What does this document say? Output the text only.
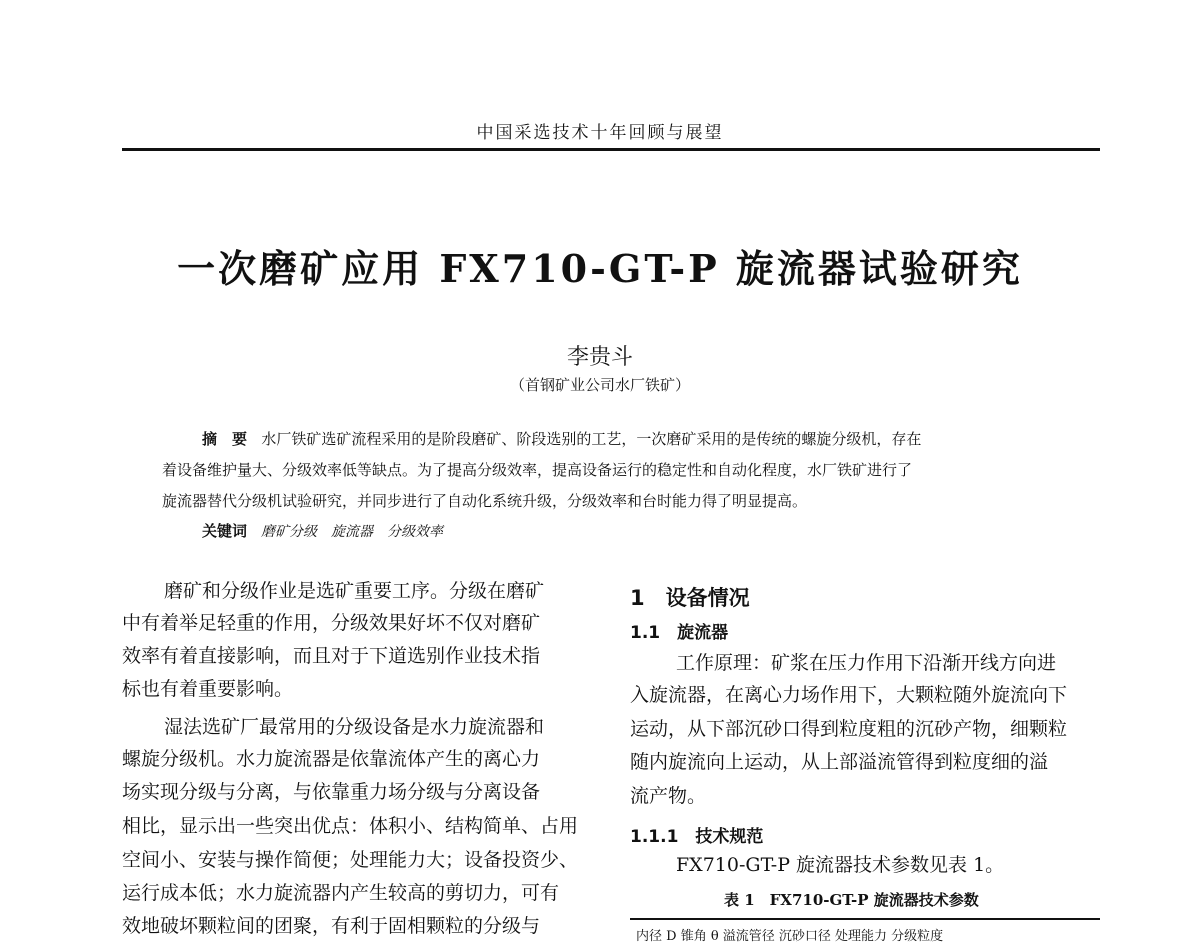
中国采选技术十年回顾与展望
一次磨矿应用 FX710-GT-P 旋流器试验研究
李贵斗
（首钢矿业公司水厂铁矿）
摘　要 水厂铁矿选矿流程采用的是阶段磨矿、阶段选别的工艺，一次磨矿采用的是传统的螺旋分级机，存在
着设备维护量大、分级效率低等缺点。为了提高分级效率，提高设备运行的稳定性和自动化程度，水厂铁矿进行了
旋流器替代分级机试验研究，并同步进行了自动化系统升级，分级效率和台时能力得了明显提高。
关键词 磨矿分级 旋流器 分级效率
磨矿和分级作业是选矿重要工序。分级在磨矿
中有着举足轻重的作用，分级效果好坏不仅对磨矿
效率有着直接影响，而且对于下道选别作业技术指
标也有着重要影响。
湿法选矿厂最常用的分级设备是水力旋流器和
螺旋分级机。水力旋流器是依靠流体产生的离心力
场实现分级与分离，与依靠重力场分级与分离设备
相比，显示出一些突出优点：体积小、结构简单、占用
空间小、安装与操作简便；处理能力大；设备投资少、
运行成本低；水力旋流器内产生较高的剪切力，可有
效地破坏颗粒间的团聚，有利于固相颗粒的分级与
1　设备情况
1.1　旋流器
工作原理：矿浆在压力作用下沿渐开线方向进
入旋流器，在离心力场作用下，大颗粒随外旋流向下
运动，从下部沉砂口得到粒度粗的沉砂产物，细颗粒
随内旋流向上运动，从上部溢流管得到粒度细的溢
流产物。
1.1.1　技术规范
FX710-GT-P 旋流器技术参数见表 1。
表 1　FX710-GT-P 旋流器技术参数
内径 D 锥角 θ 溢流管径 沉砂口径 处理能力 分级粒度
